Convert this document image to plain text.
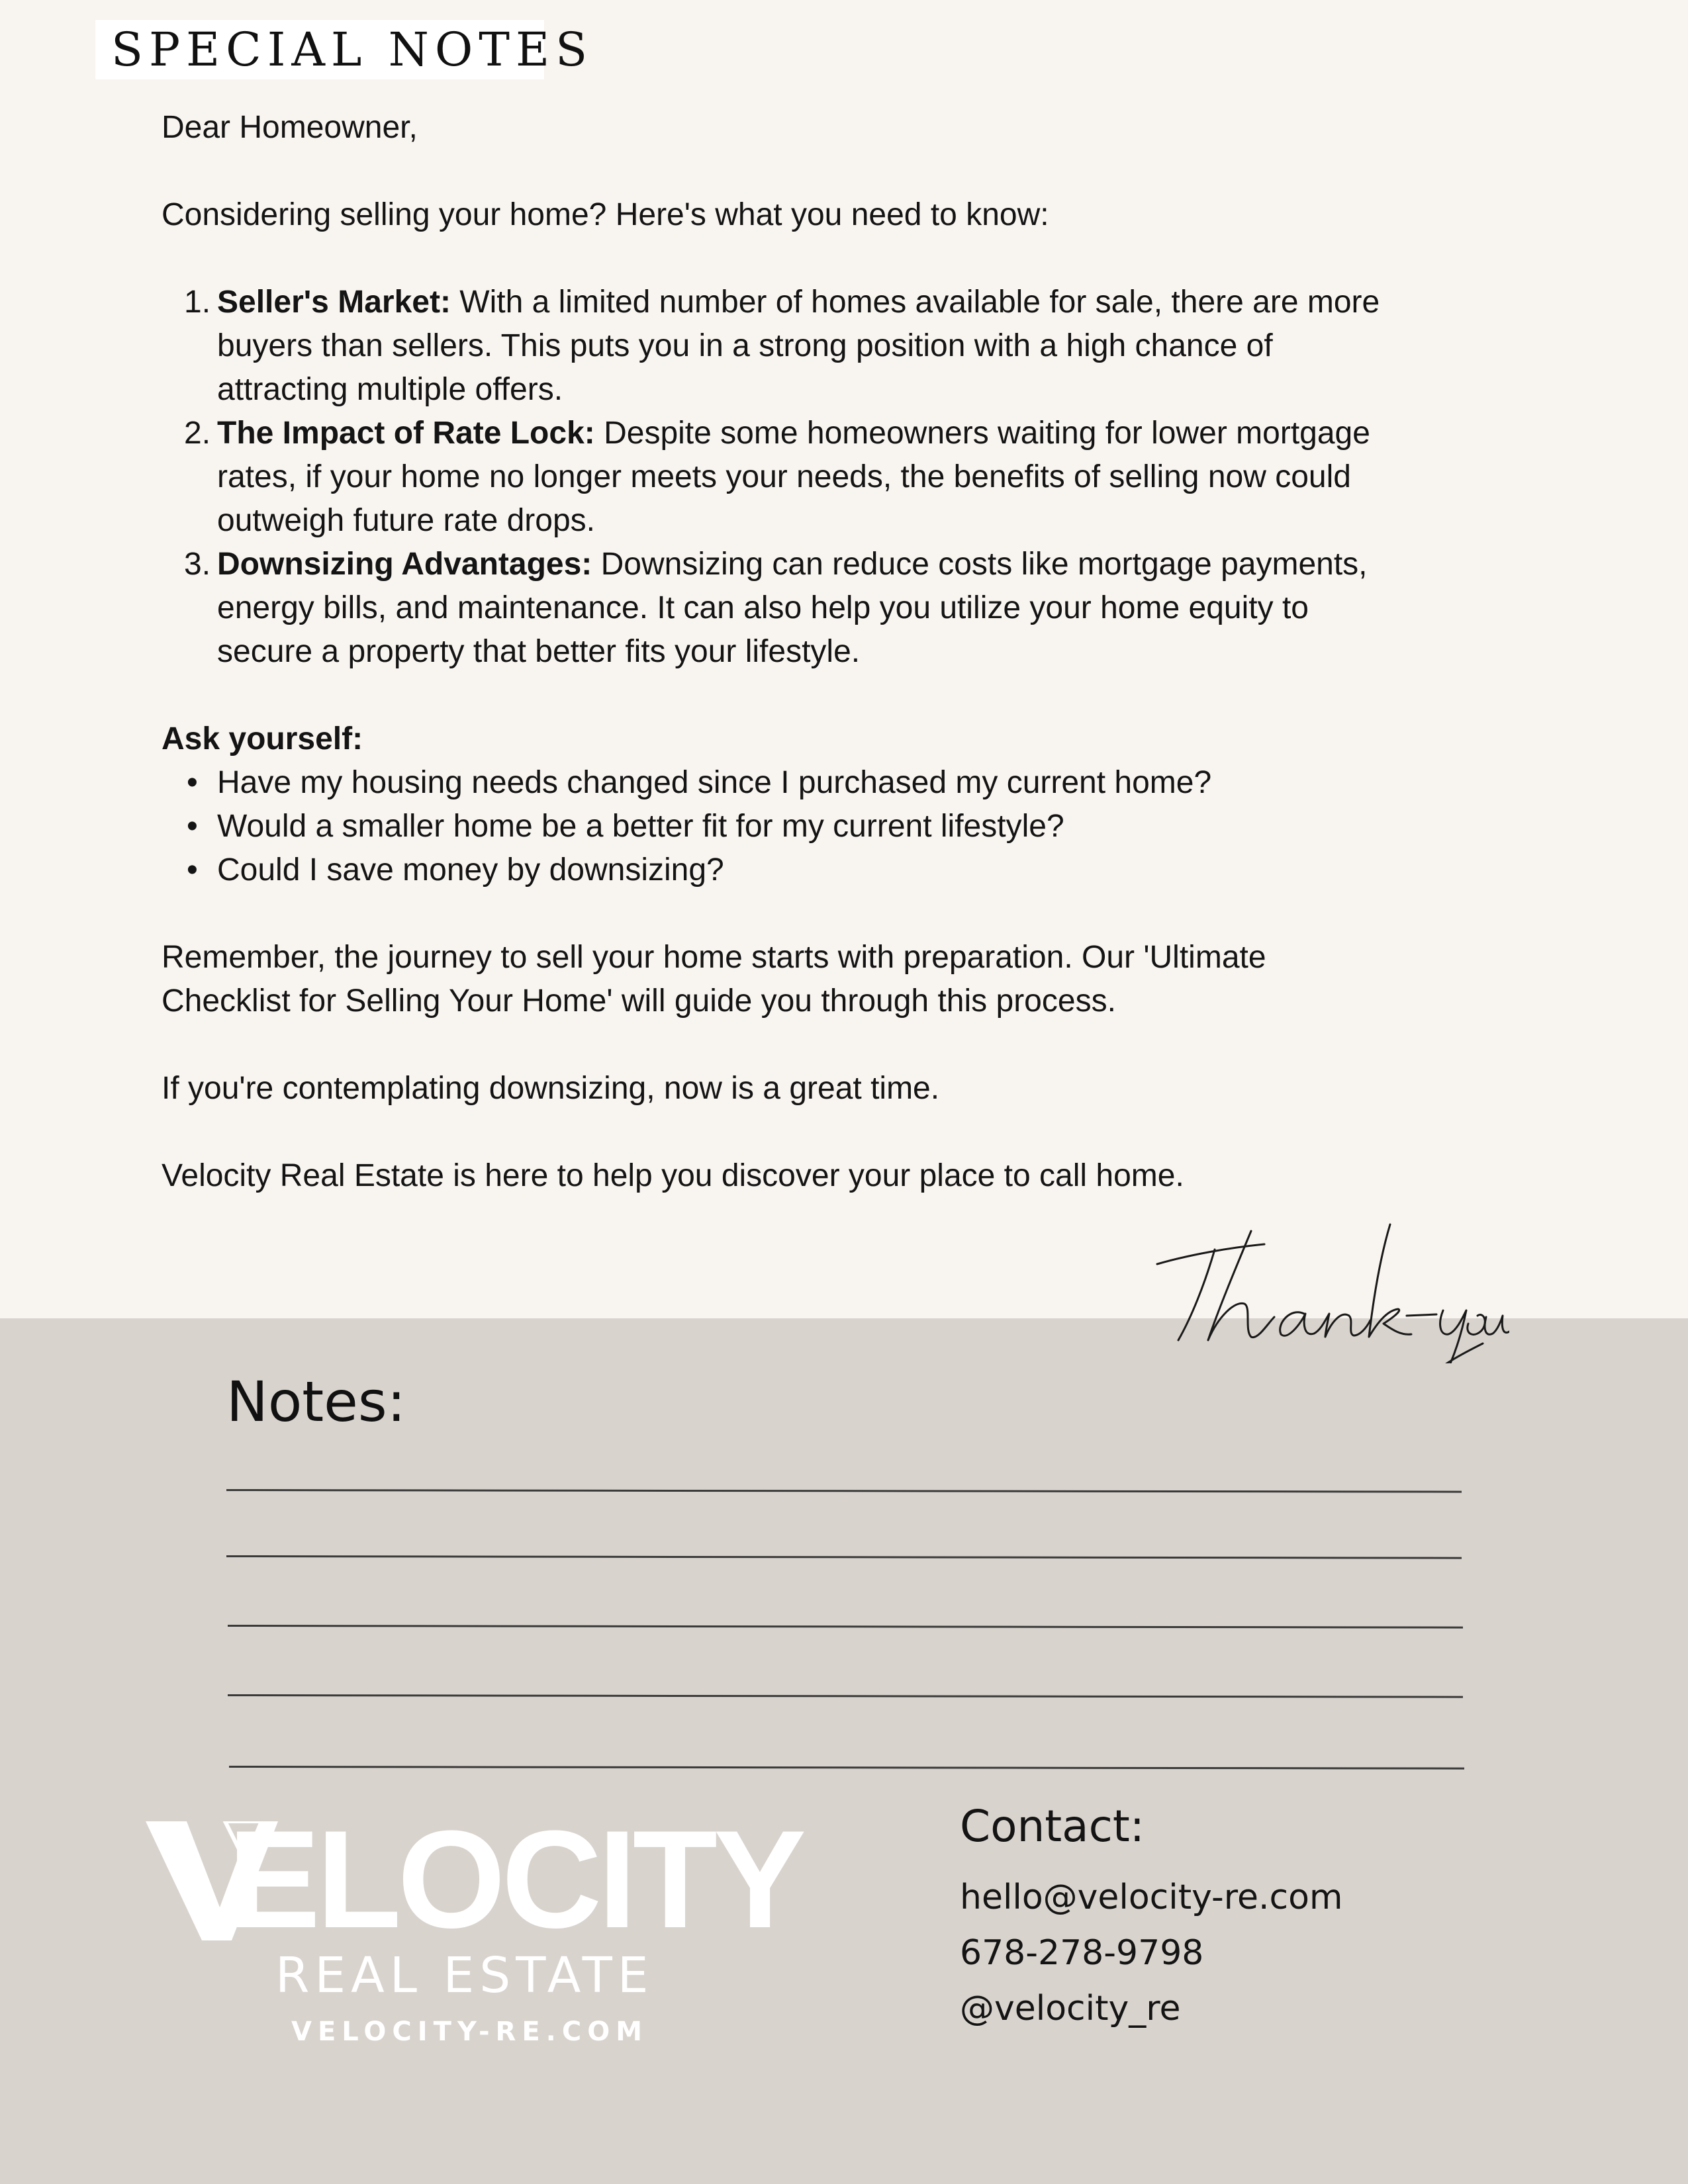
SPECIAL NOTES

Dear Homeowner,

Considering selling your home? Here's what you need to know:

1. Seller's Market: With a limited number of homes available for sale, there are more

buyers than sellers. This puts you in a strong position with a high chance of

attracting multiple offers.

2. The Impact of Rate Lock: Despite some homeowners waiting for lower mortgage

rates, if your home no longer meets your needs, the benefits of selling now could

outweigh future rate drops.

3. Downsizing Advantages: Downsizing can reduce costs like mortgage payments,

energy bills, and maintenance. It can also help you utilize your home equity to

secure a property that better fits your lifestyle.

Ask yourself:

• Have my housing needs changed since I purchased my current home?

• Would a smaller home be a better fit for my current lifestyle?

• Could I save money by downsizing?

Remember, the journey to sell your home starts with preparation. Our 'Ultimate

Checklist for Selling Your Home' will guide you through this process.

If you're contemplating downsizing, now is a great time.

Velocity Real Estate is here to help you discover your place to call home.

Notes:
ELOCITY
REAL ESTATE
VELOCITY-RE.COM
Contact:
hello@velocity-re.com
678-278-9798
@velocity_re
